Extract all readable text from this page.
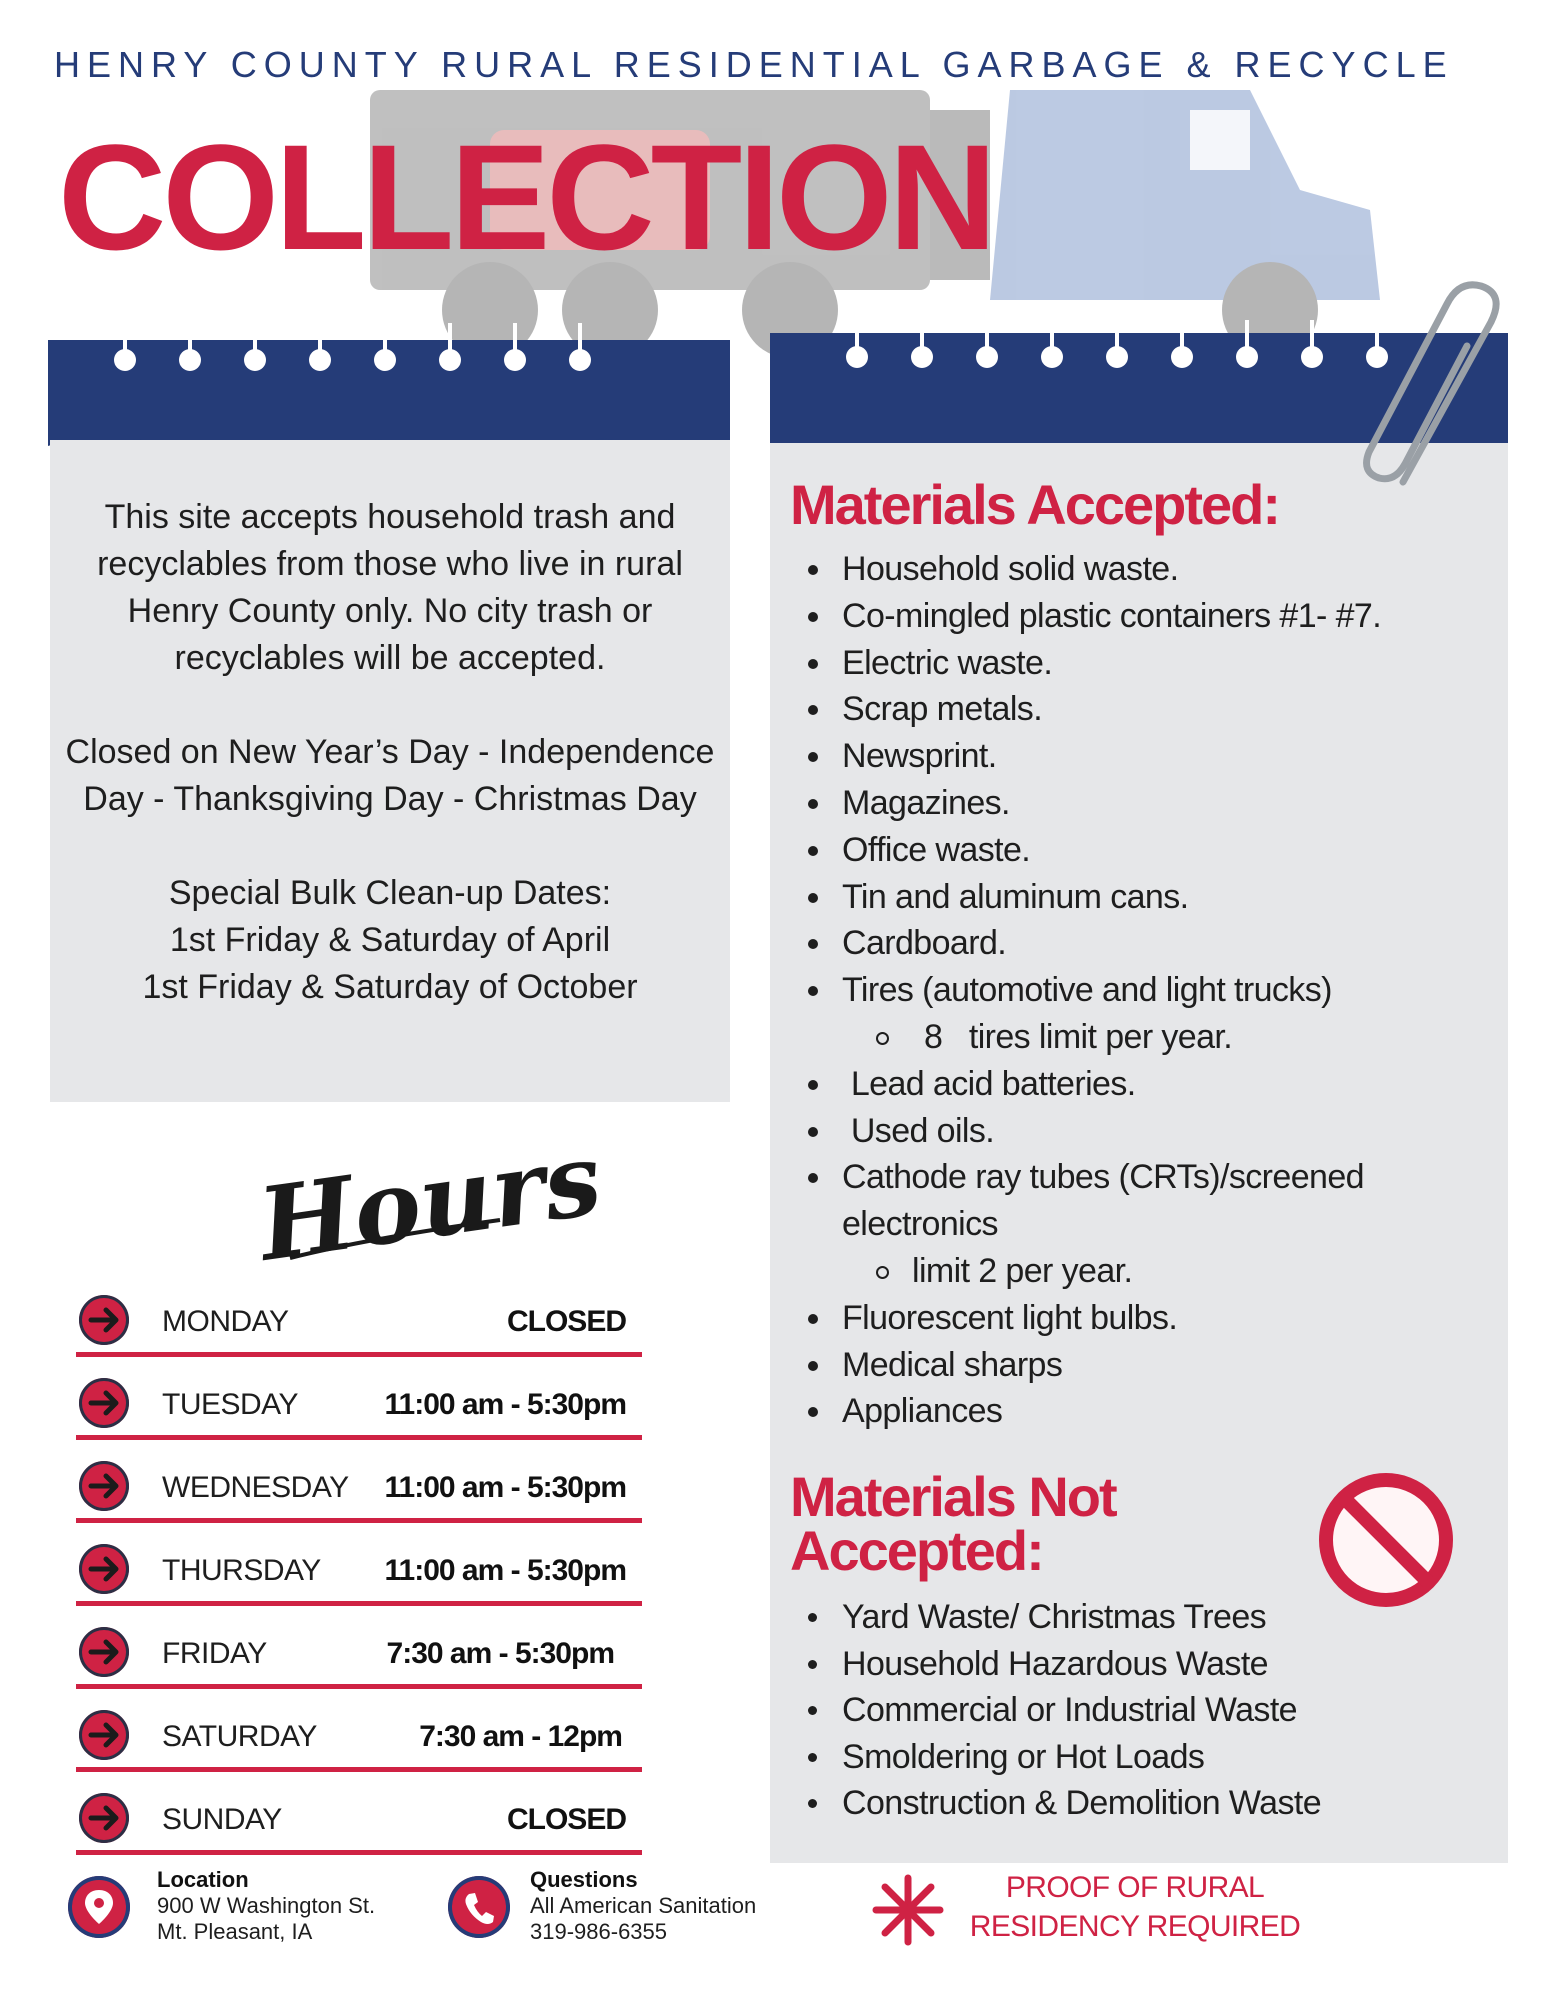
HENRY COUNTY RURAL RESIDENTIAL GARBAGE & RECYCLE
COLLECTION

This site accepts household trash and recyclables from those who live in rural Henry County only. No city trash or recyclables will be accepted.

Closed on New Year’s Day - Independence Day - Thanksgiving Day - Christmas Day

Special Bulk Clean-up Dates:

1st Friday & Saturday of April

1st Friday & Saturday of October

Hours
MONDAY	CLOSED
TUESDAY	11:00 am - 5:30pm
WEDNESDAY 11:00 am - 5:30pm
THURSDAY 11:00 am - 5:30pm
FRIDAY	7:30 am - 5:30pm
SATURDAY	7:30 am - 12pm
SUNDAY	CLOSED
Materials Accepted:
Household solid waste.
Co-mingled plastic containers #1- #7.
Electric waste.
Scrap metals.
Newsprint.
Magazines.
Office waste.
Tin and aluminum cans.
Cardboard.
Tires (automotive and light trucks)
8   tires limit per year.
Lead acid batteries.
Used oils.
Cathode ray tubes (CRTs)/screened electronics
limit 2 per year.
Fluorescent light bulbs.
Medical sharps
Appliances
Materials Not
Accepted:
Yard Waste/ Christmas Trees
Household Hazardous Waste
Commercial or Industrial Waste
Smoldering or Hot Loads
Construction & Demolition Waste
Location
900 W Washington St.
Mt. Pleasant, IA
Questions
All American Sanitation
319-986-6355
PROOF OF RURAL
RESIDENCY REQUIRED
